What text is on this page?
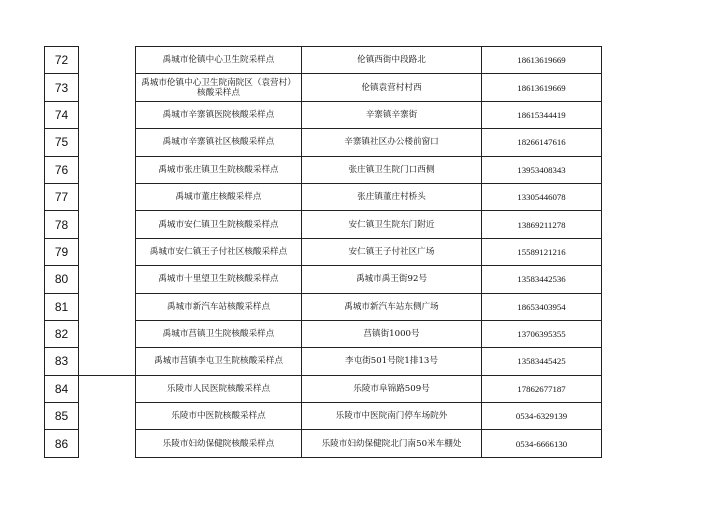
72		禹城市伦镇中心卫生院采样点	伦镇西街中段路北	18613619669
73		禹城市伦镇中心卫生院南院区（袁营村）核酸采样点	伦镇袁营村村西	18613619669
74		禹城市辛寨镇医院核酸采样点	辛寨镇辛寨街	18615344419
75		禹城市辛寨镇社区核酸采样点	辛寨镇社区办公楼前窗口	18266147616
76		禹城市张庄镇卫生院核酸采样点	张庄镇卫生院门口西侧	13953408343
77		禹城市董庄核酸采样点	张庄镇董庄村桥头	13305446078
78		禹城市安仁镇卫生院核酸采样点	安仁镇卫生院东门附近	13869211278
79		禹城市安仁镇王子付社区核酸采样点	安仁镇王子付社区广场	15589121216
80		禹城市十里望卫生院核酸采样点	禹城市禹王街92号	13583442536
81		禹城市新汽车站核酸采样点	禹城市新汽车站东侧广场	18653403954
82		禹城市莒镇卫生院核酸采样点	莒镇街1000号	13706395355
83		禹城市莒镇李屯卫生院核酸采样点	李屯街501号院1排13号	13583445425
84		乐陵市人民医院核酸采样点	乐陵市阜锦路509号	17862677187
85		乐陵市中医院核酸采样点	乐陵市中医院南门停车场院外	0534-6329139
86		乐陵市妇幼保健院核酸采样点	乐陵市妇幼保健院北门南50米车棚处	0534-6666130
